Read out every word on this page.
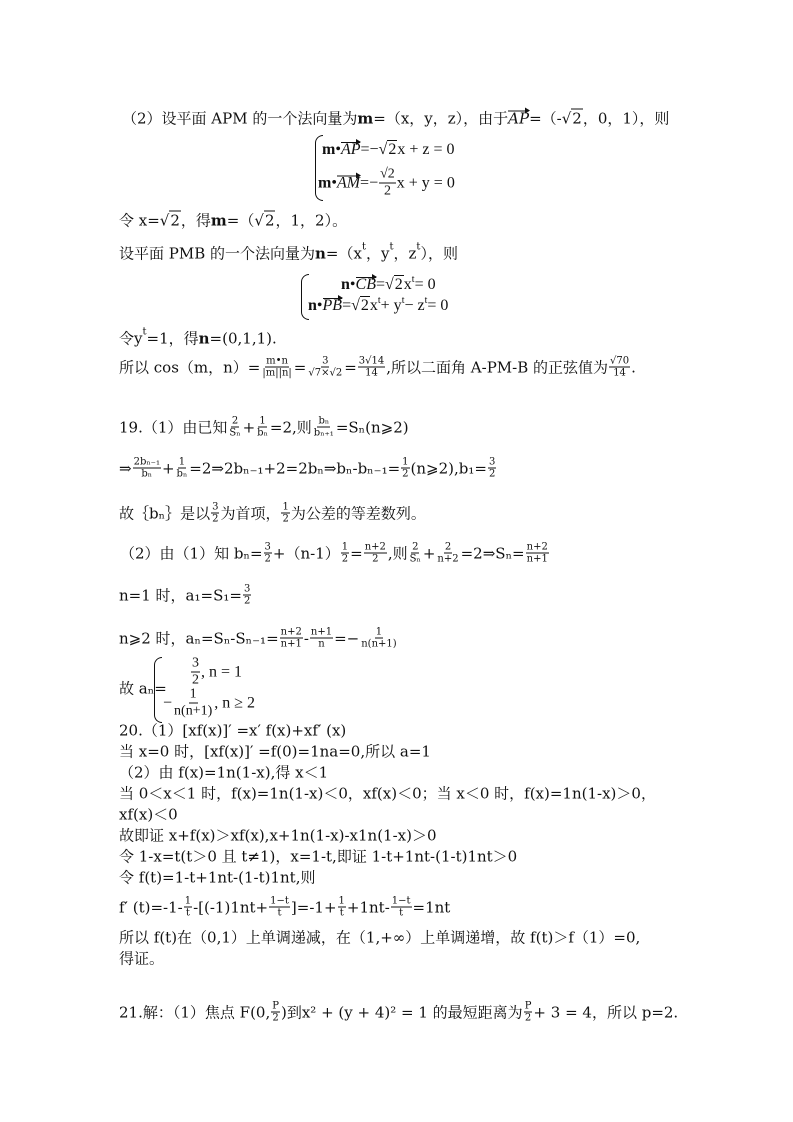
（2）设平面 APM 的一个法向量为 m =（x，y，z），由于 AP =（- √2 ，0，1），则
m • AP =− √2 x + z = 0
m • AM =− $\frac{√2}{2}$ x + y = 0
令 x= √2 ，得 m =（ √2 ，1，2）。
设平面 PMB 的一个法向量为 n =（x t ，y t ，z t ），则
n • CB = √2 x t = 0
n • PB = √2 x t + y t − z t = 0
令y t =1，得 n =(0,1,1).
所以 cos（m，$n)= \frac{m•n}{|m||n|} = \frac{3}{√7\times√2} = \frac{3√14}{14}$ ,所以二面角 A-PM-B 的正弦值为 $\frac{√70}{14}$ .
19.（1）由已知 $\frac{2}{\text{Sₙ}} + \frac{1}{\text{bₙ}} =2$,则 $\frac{\text{bₙ}}{\text{bₙ₊₁}}$ =Sₙ(n⩾2)
⇒ $\frac{\text{2bₙ₋₁}}{\text{bₙ}} + \frac{1}{\text{bₙ}}$ =2⇒2bₙ₋₁+2=2bₙ⇒bₙ-bₙ₋₁= $\frac{1}{2}$ (n⩾2),b₁= $\frac{3}{2}$
故｛bₙ｝是以 $\frac{3}{2}$ 为首项， $\frac{1}{2}$ 为公差的等差数列。
（2）由（1）知 $b_n= \frac{3}{2} +(n-1) \frac{1}{2} = \frac{n+2}{2}$ ,则 $\frac{2}{\text{Sₙ}} + \frac{2}{n+2}$ =2⇒Sₙ= $\frac{n+2}{n+1}$
n=1 时，$a_1=S_1= \frac{3}{2}$
n⩾2 时，$a_n=S_n-S_{n-1}= \frac{n+2}{n+1} - \frac{n+1}{n} =- \frac{1}{n(n+1)}$
故 $a_n= \frac{3}{2}$ , n = 1
− $\frac{1}{n(n+1)}$ , n ≥ 2
20.（1）[xf(x)]′ =x′ f(x)+xf′ (x)
当 x=0 时，[xf(x)]′ =f(0)=1na=0,所以 a=1
（2）由 f(x)=1n(1-x),得 x＜1
当 0＜x＜1 时，f(x)=1n(1-x)＜0，xf(x)＜0；当 x＜0 时，f(x)=1n(1-x)＞0，
xf(x)＜0
故即证 x+f(x)＞xf(x),x+1n(1-x)-x1n(1-x)＞0
令 1-x=t(t＞0 且 t≠1)，x=1-t,即证 1-t+1nt-(1-t)1nt＞0
令 f(t)=1-t+1nt-(1-t)1nt,则
f′ $(t)=-1- \frac{1}{t} -[(-1)1nt+ \frac{1-t}{t} ]=-1+ \frac{1}{t} +1nt- \frac{1-t}{t} =1nt$
所以 f(t)在（0,1）上单调递减，在（1,+∞）上单调递增，故 f(t)＞f（1）=0,
得证。
21.解：（1）焦点 F (0, $\frac{P}{2}$ ) 到x² + (y + 4)² = 1 的最短距离为 $\frac{P}{2} + 3 = 4$，所以 p=2.
